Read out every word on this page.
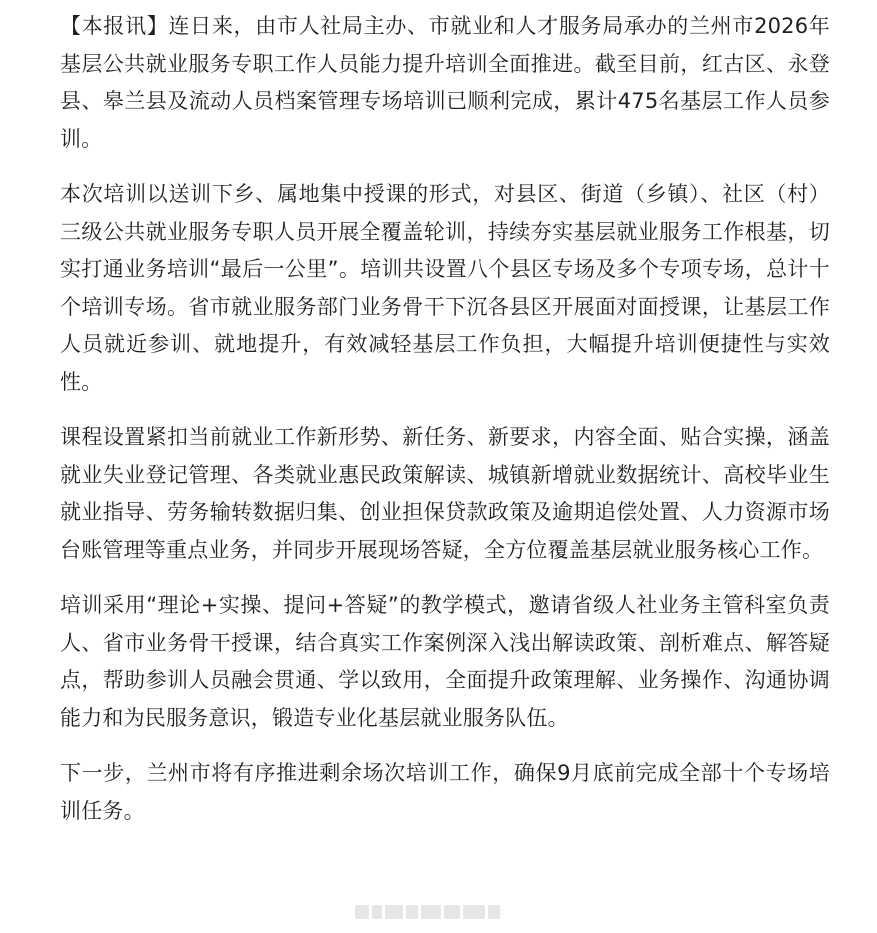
【本报讯】连日来，由市人社局主办、市就业和人才服务局承办的兰州市2026年基层公共就业服务专职工作人员能力提升培训全面推进。截至目前，红古区、永登县、皋兰县及流动人员档案管理专场培训已顺利完成，累计475名基层工作人员参训。

本次培训以送训下乡、属地集中授课的形式，对县区、街道（乡镇）、社区（村）三级公共就业服务专职人员开展全覆盖轮训，持续夯实基层就业服务工作根基，切实打通业务培训“最后一公里”。培训共设置八个县区专场及多个专项专场，总计十个培训专场。省市就业服务部门业务骨干下沉各县区开展面对面授课，让基层工作人员就近参训、就地提升，有效减轻基层工作负担，大幅提升培训便捷性与实效性。

课程设置紧扣当前就业工作新形势、新任务、新要求，内容全面、贴合实操，涵盖就业失业登记管理、各类就业惠民政策解读、城镇新增就业数据统计、高校毕业生就业指导、劳务输转数据归集、创业担保贷款政策及逾期追偿处置、人力资源市场台账管理等重点业务，并同步开展现场答疑，全方位覆盖基层就业服务核心工作。

培训采用“理论+实操、提问+答疑”的教学模式，邀请省级人社业务主管科室负责人、省市业务骨干授课，结合真实工作案例深入浅出解读政策、剖析难点、解答疑点，帮助参训人员融会贯通、学以致用，全面提升政策理解、业务操作、沟通协调能力和为民服务意识，锻造专业化基层就业服务队伍。

下一步，兰州市将有序推进剩余场次培训工作，确保9月底前完成全部十个专场培训任务。
